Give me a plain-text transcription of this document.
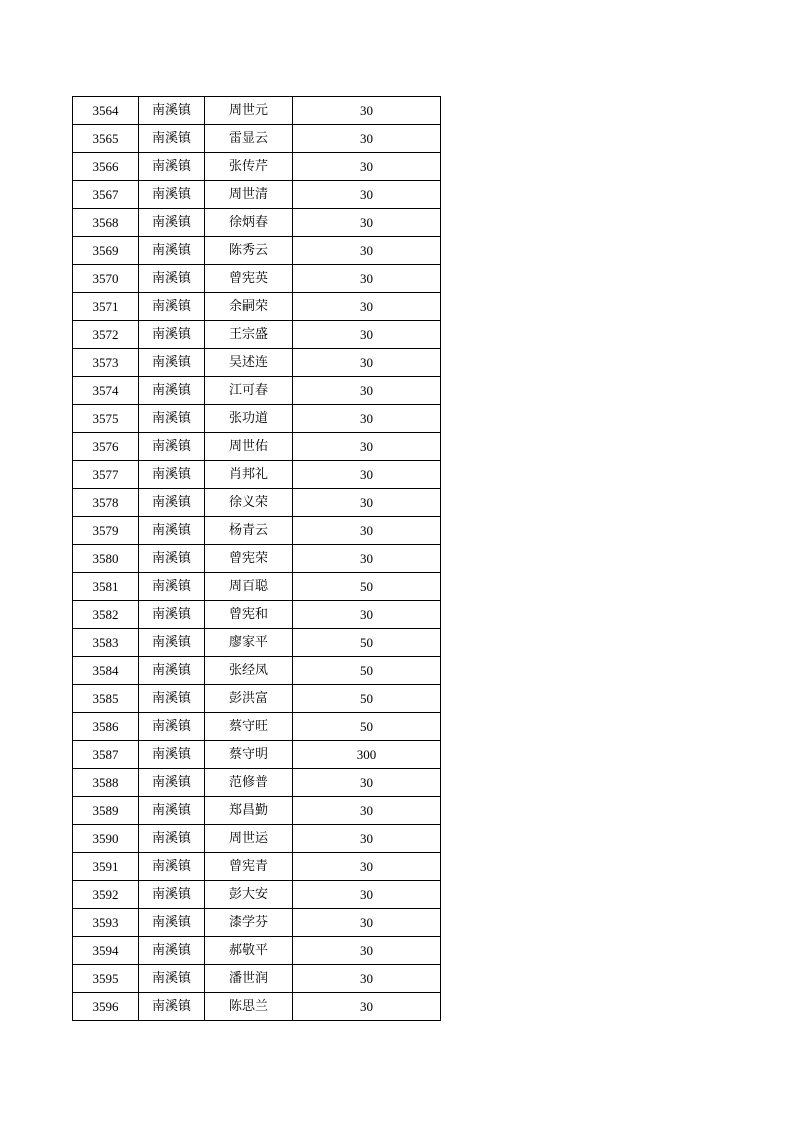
3564	南溪镇	周世元	30
3565	南溪镇	雷显云	30
3566	南溪镇	张传芹	30
3567	南溪镇	周世清	30
3568	南溪镇	徐炳春	30
3569	南溪镇	陈秀云	30
3570	南溪镇	曾宪英	30
3571	南溪镇	余嗣荣	30
3572	南溪镇	王宗盛	30
3573	南溪镇	吴述连	30
3574	南溪镇	江可春	30
3575	南溪镇	张功道	30
3576	南溪镇	周世佑	30
3577	南溪镇	肖邦礼	30
3578	南溪镇	徐义荣	30
3579	南溪镇	杨青云	30
3580	南溪镇	曾宪荣	30
3581	南溪镇	周百聪	50
3582	南溪镇	曾宪和	30
3583	南溪镇	廖家平	50
3584	南溪镇	张经凤	50
3585	南溪镇	彭洪富	50
3586	南溪镇	蔡守旺	50
3587	南溪镇	蔡守明	300
3588	南溪镇	范修普	30
3589	南溪镇	郑昌勤	30
3590	南溪镇	周世运	30
3591	南溪镇	曾宪青	30
3592	南溪镇	彭大安	30
3593	南溪镇	漆学芬	30
3594	南溪镇	郝敬平	30
3595	南溪镇	潘世润	30
3596	南溪镇	陈思兰	30
